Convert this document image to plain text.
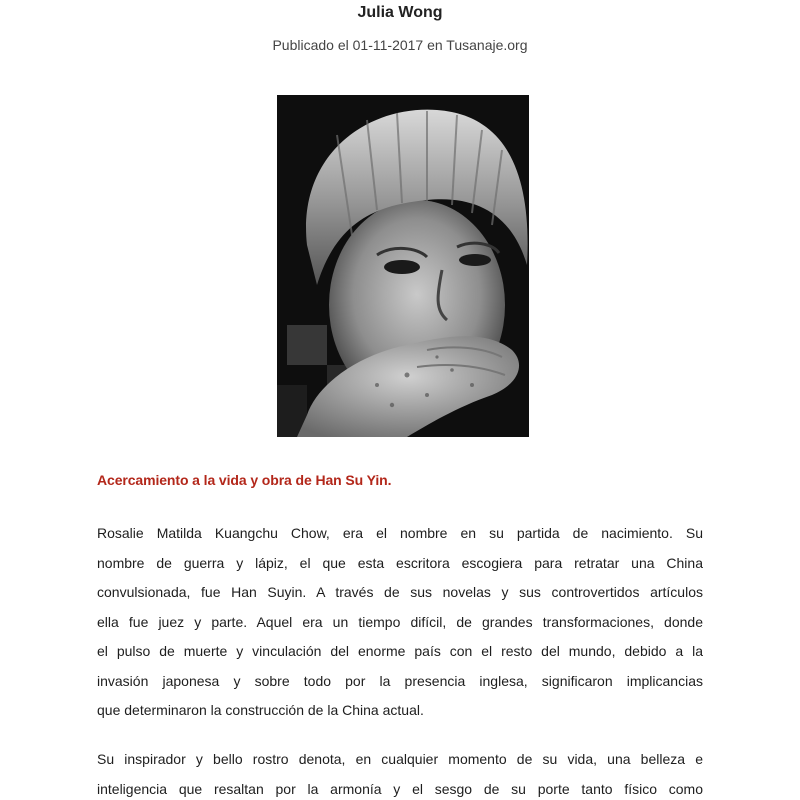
Julia Wong
Publicado el 01-11-2017 en Tusanaje.org
Acercamiento a la vida y obra de Han Su Yin.
Rosalie Matilda Kuangchu Chow, era el nombre en su partida de nacimiento. Su
nombre de guerra y lápiz, el que esta escritora escogiera para retratar una China
convulsionada, fue Han Suyin. A través de sus novelas y sus controvertidos artículos
ella fue juez y parte. Aquel era un tiempo difícil, de grandes transformaciones, donde
el pulso de muerte y vinculación del enorme país con el resto del mundo, debido a la
invasión japonesa y sobre todo por la presencia inglesa, significaron implicancias
que determinaron la construcción de la China actual.
Su inspirador y bello rostro denota, en cualquier momento de su vida, una belleza e
inteligencia que resaltan por la armonía y el sesgo de su porte tanto físico como
